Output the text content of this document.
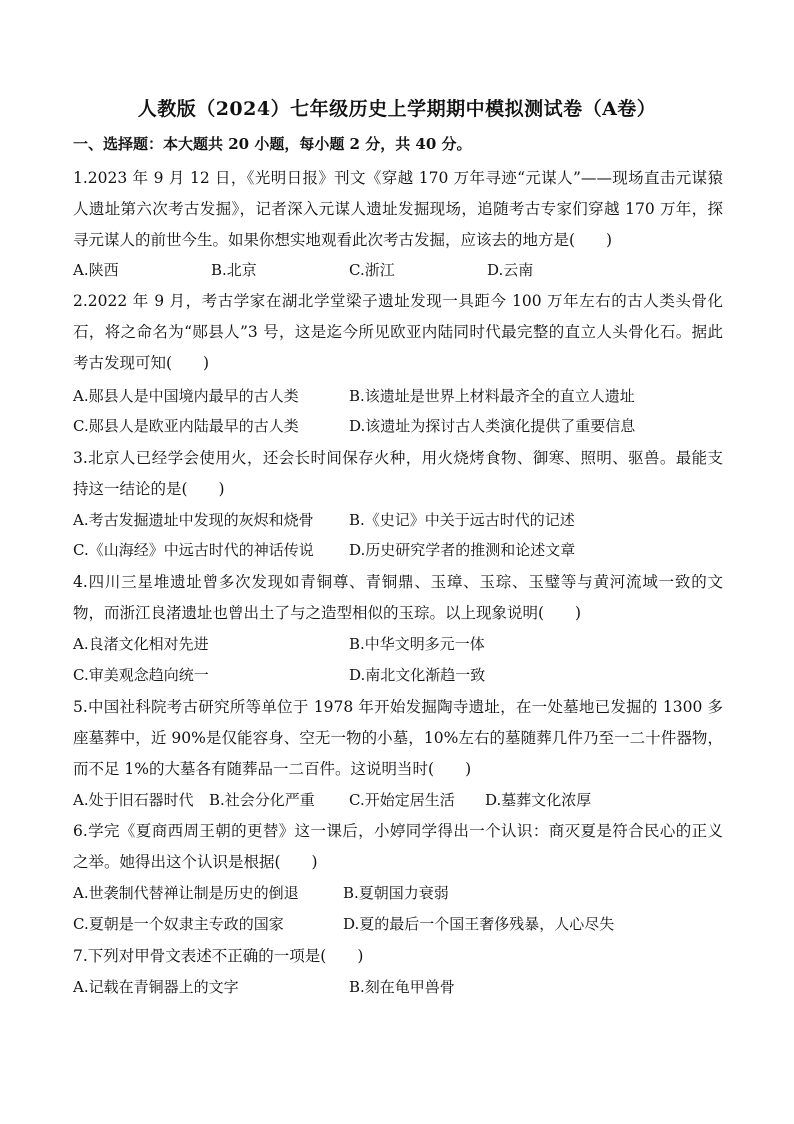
人教版（2024）七年级历史上学期期中模拟测试卷（A卷）
一、选择题：本大题共 20 小题，每小题 2 分，共 40 分。
1.2023 年 9 月 12 日，《光明日报》刊文《穿越 170 万年寻迹“元谋人”——现场直击元谋猿人遗址第六次考古发掘》，记者深入元谋人遗址发掘现场，追随考古专家们穿越 170 万年，探寻元谋人的前世今生。如果你想实地观看此次考古发掘，应该去的地方是(　　)
A.陕西	B.北京	C.浙江	D.云南
2.2022 年 9 月，考古学家在湖北学堂梁子遗址发现一具距今 100 万年左右的古人类头骨化石，将之命名为“郧县人”3 号，这是迄今所见欧亚内陆同时代最完整的直立人头骨化石。据此考古发现可知(　　)
A.郧县人是中国境内最早的古人类	B.该遗址是世界上材料最齐全的直立人遗址
C.郧县人是欧亚内陆最早的古人类	D.该遗址为探讨古人类演化提供了重要信息
3.北京人已经学会使用火，还会长时间保存火种，用火烧烤食物、御寒、照明、驱兽。最能支持这一结论的是(　　)
A.考古发掘遗址中发现的灰烬和烧骨 B.《史记》中关于远古时代的记述
C.《山海经》中远古时代的神话传说 D.历史研究学者的推测和论述文章
4.四川三星堆遗址曾多次发现如青铜尊、青铜鼎、玉璋、玉琮、玉璧等与黄河流域一致的文物，而浙江良渚遗址也曾出土了与之造型相似的玉琮。以上现象说明(　　)
A.良渚文化相对先进	B.中华文明多元一体
C.审美观念趋向统一	D.南北文化渐趋一致
5.中国社科院考古研究所等单位于 1978 年开始发掘陶寺遗址，在一处墓地已发掘的 1300 多座墓葬中，近 90%是仅能容身、空无一物的小墓，10%左右的墓随葬几件乃至一二十件器物，而不足 1%的大墓各有随葬品一二百件。这说明当时(　　)
A.处于旧石器时代 B.社会分化严重 C.开始定居生活 D.墓葬文化浓厚
6.学完《夏商西周王朝的更替》这一课后，小婷同学得出一个认识：商灭夏是符合民心的正义之举。她得出这个认识是根据(　　)
A.世袭制代替禅让制是历史的倒退	B.夏朝国力衰弱
C.夏朝是一个奴隶主专政的国家	D.夏的最后一个国王奢侈残暴，人心尽失
7.下列对甲骨文表述不正确的一项是(　　)
A.记载在青铜器上的文字	B.刻在龟甲兽骨
